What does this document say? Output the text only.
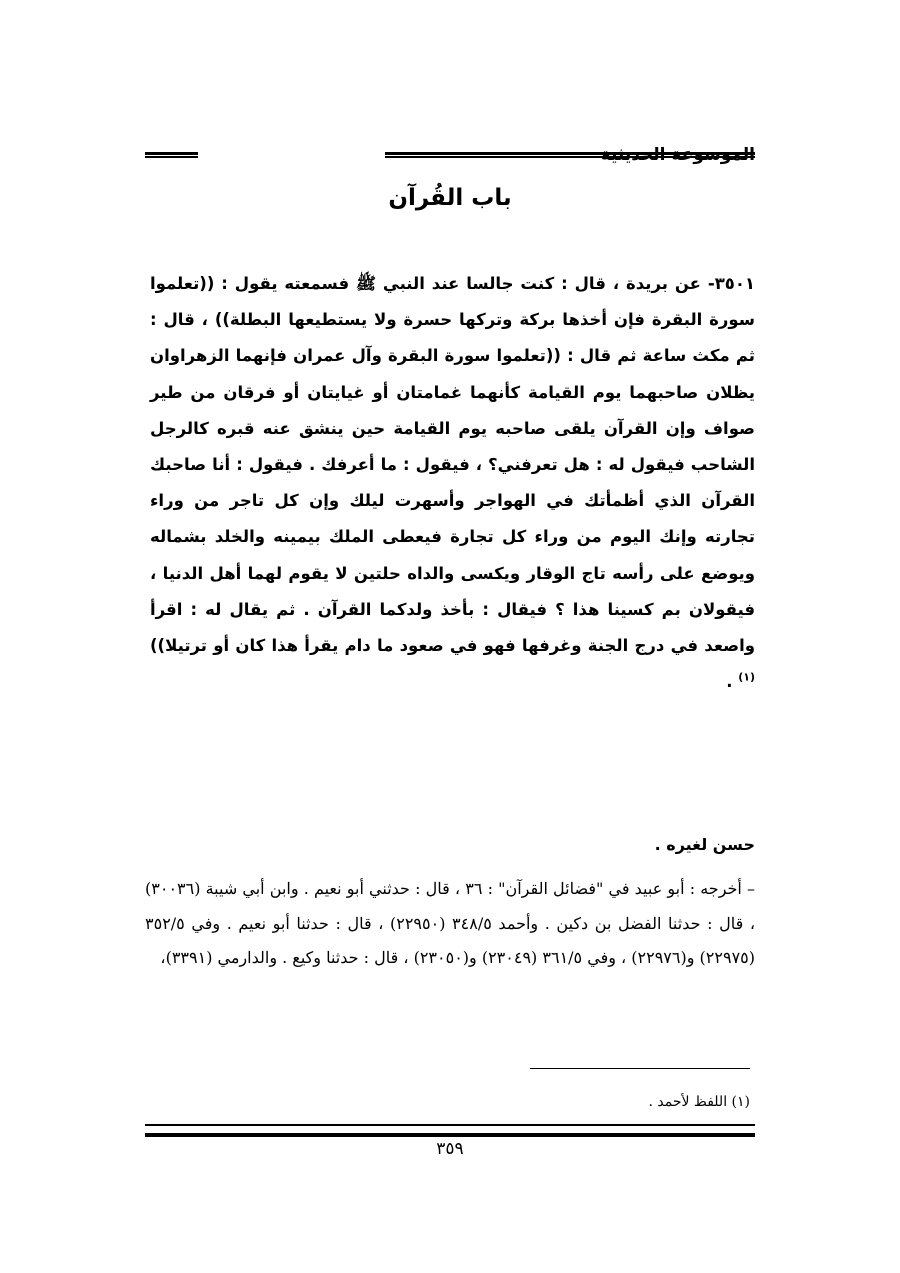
الموسوعة الحديثية
باب القُرآن

٣٥٠١- عن بريدة ، قال : كنت جالسا عند النبي ﷺ فسمعته يقول : ((تعلموا سورة البقرة فإن أخذها بركة وتركها حسرة ولا يستطيعها البطلة)) ، قال : ثم مكث ساعة ثم قال : ((تعلموا سورة البقرة وآل عمران فإنهما الزهراوان يظلان صاحبهما يوم القيامة كأنهما غمامتان أو غيايتان أو فرقان من طير صواف وإن القرآن يلقى صاحبه يوم القيامة حين ينشق عنه قبره كالرجل الشاحب فيقول له : هل تعرفني؟ ، فيقول : ما أعرفك . فيقول : أنا صاحبك القرآن الذي أظمأتك في الهواجر وأسهرت ليلك وإن كل تاجر من وراء تجارته وإنك اليوم من وراء كل تجارة فيعطى الملك بيمينه والخلد بشماله ويوضع على رأسه تاج الوقار ويكسى والداه حلتين لا يقوم لهما أهل الدنيا ، فيقولان بم كسينا هذا ؟ فيقال : بأخذ ولدكما القرآن . ثم يقال له : اقرأ واصعد في درج الجنة وغرفها فهو في صعود ما دام يقرأ هذا كان أو ترتيلا))$^{(١)}$ .

حسن لغيره .

– أخرجه : أبو عبيد في "فضائل القرآن" : ٣٦ ، قال : حدثني أبو نعيم . وابن أبي شيبة (٣٠٠٣٦) ، قال : حدثنا الفضل بن دكين . وأحمد ٣٤٨/٥ (٢٢٩٥٠) ، قال : حدثنا أبو نعيم . وفي ٣٥٢/٥ (٢٢٩٧٥) و(٢٢٩٧٦) ، وفي ٣٦١/٥ (٢٣٠٤٩) و(٢٣٠٥٠) ، قال : حدثنا وكيع . والدارمي (٣٣٩١)،

(١) اللفظ لأحمد .

٣٥٩
